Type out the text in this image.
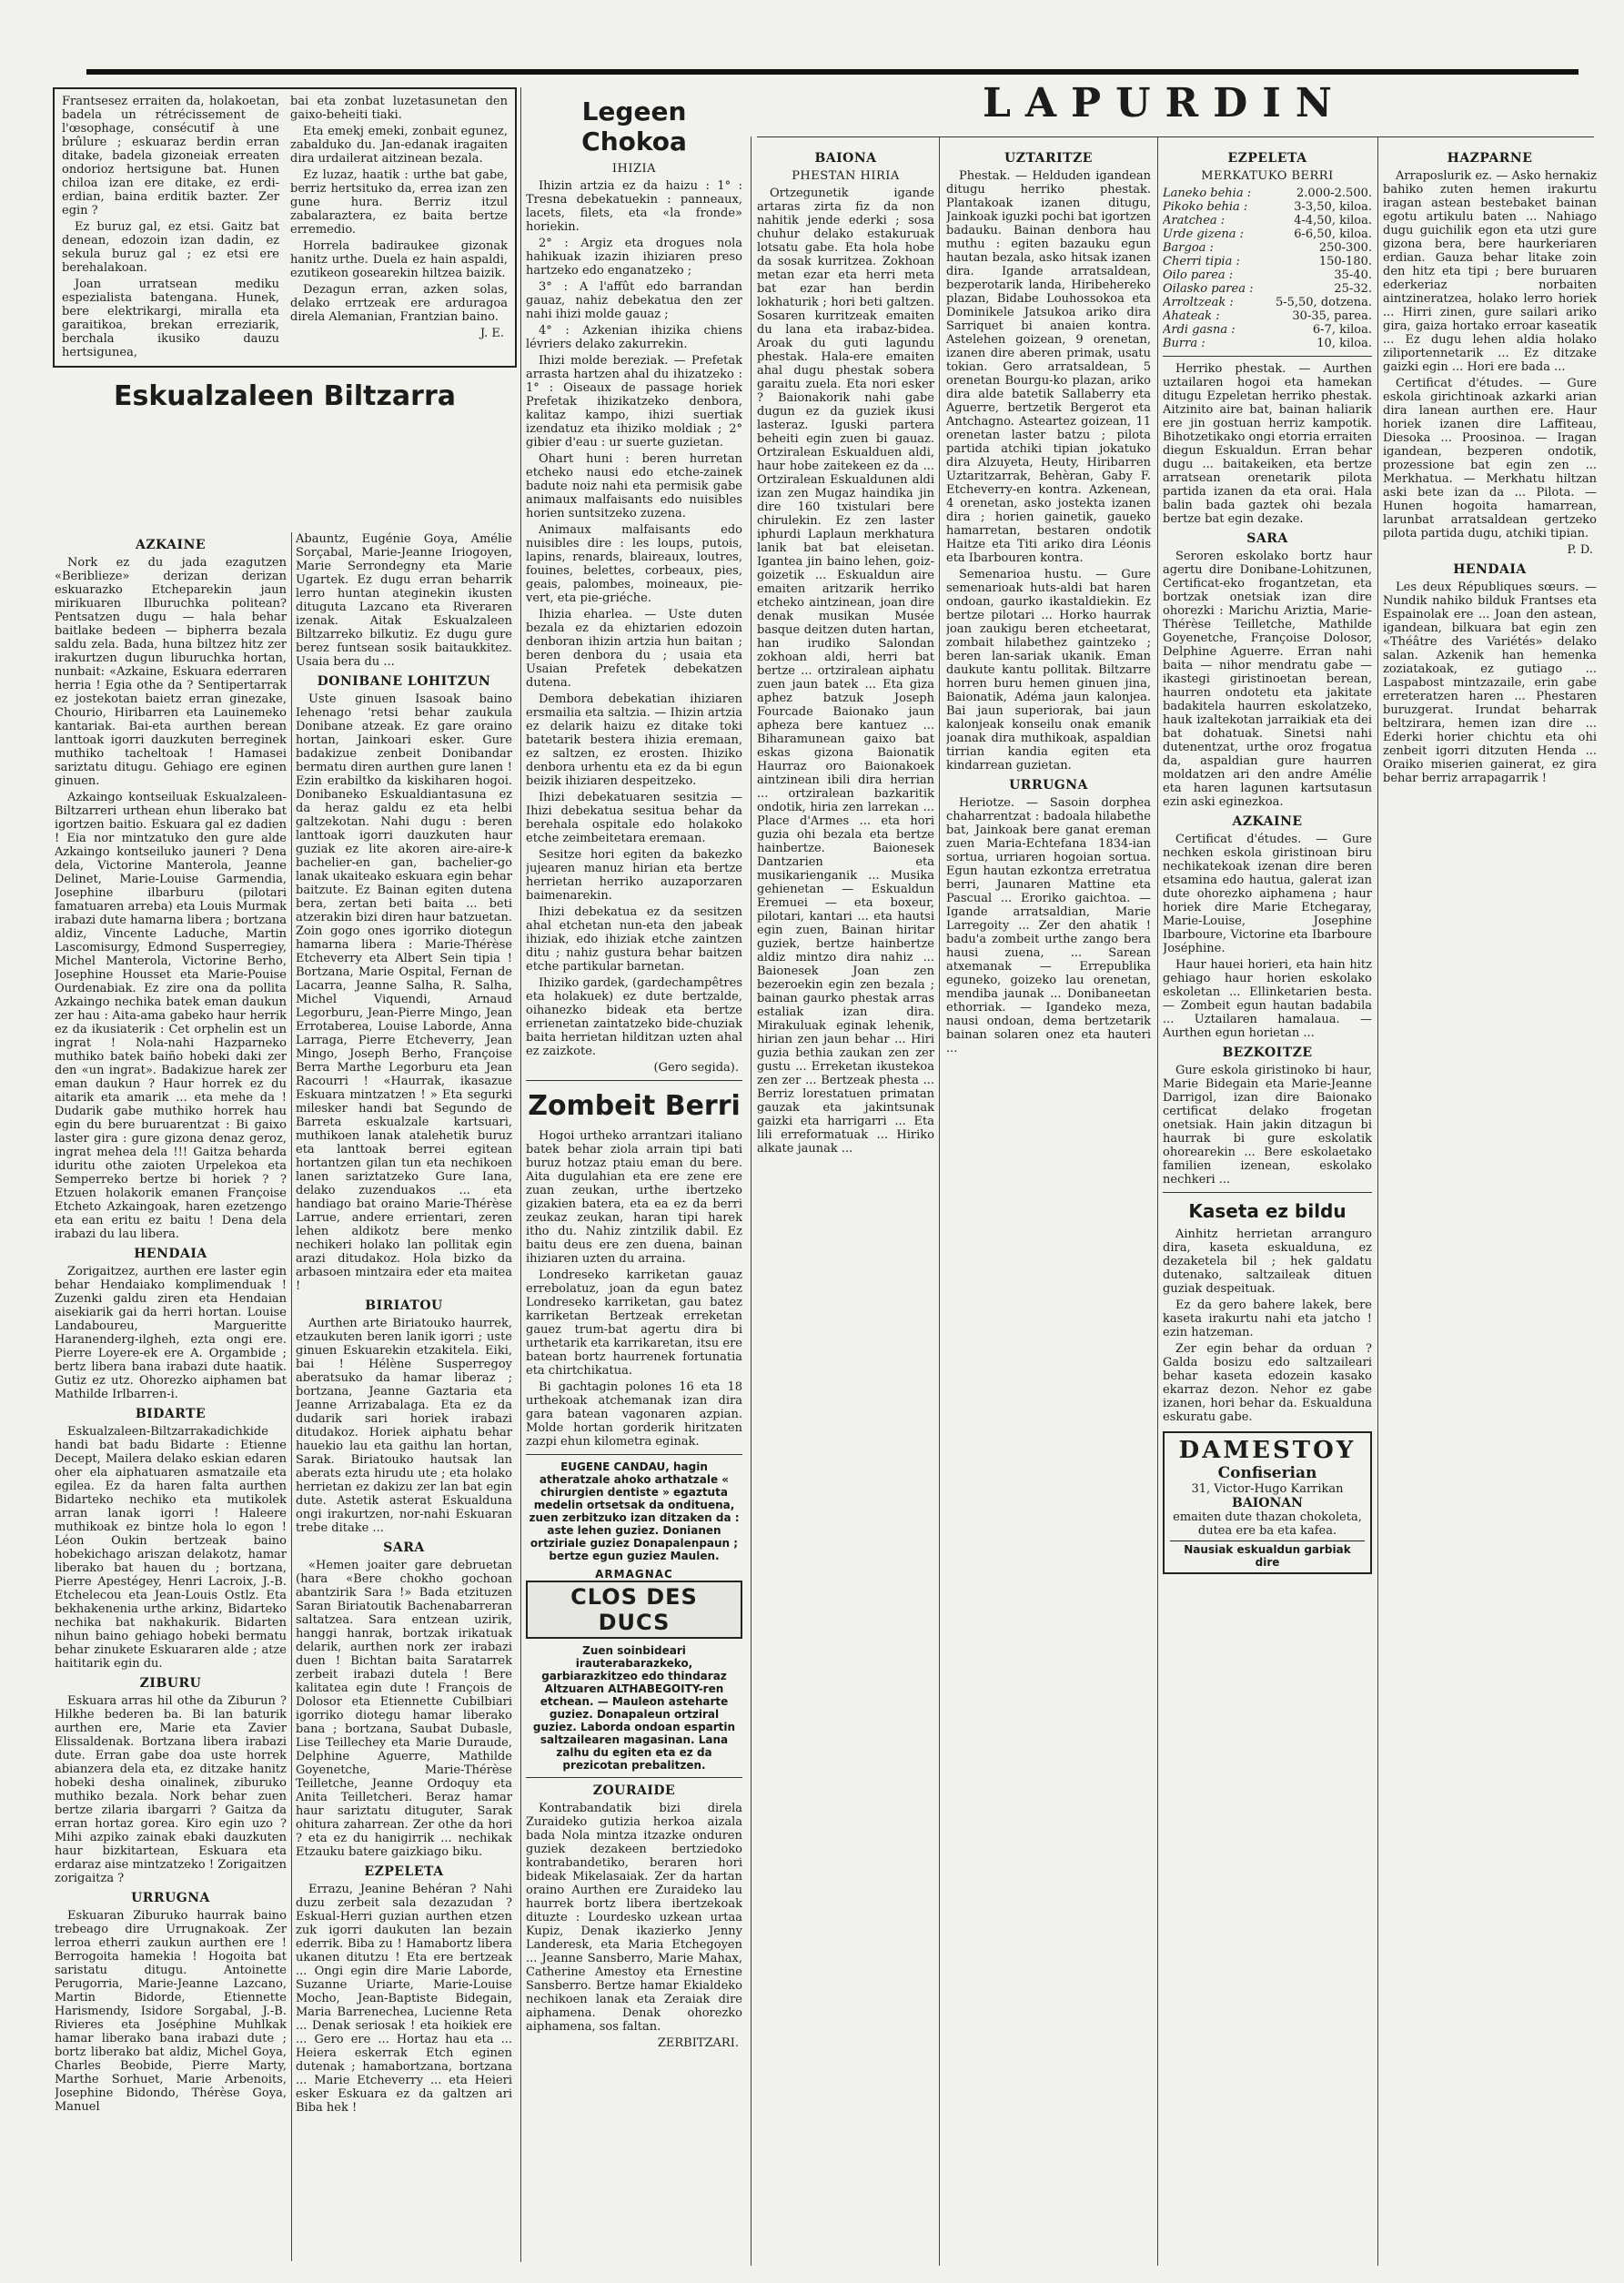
LAPURDIN

Frantsesez erraiten da, holakoetan, badela un rétrécissement de l'œsophage, consécutif à une brûlure ; eskuaraz berdin erran ditake, badela gizoneiak erreaten ondorioz hertsigune bat. Hunen chiloa izan ere ditake, ez erdi-erdian, baina erditik bazter. Zer egin ?

Ez buruz gal, ez etsi. Gaitz bat denean, edozoin izan dadin, ez sekula buruz gal ; ez etsi ere berehalakoan.

Joan urratsean mediku espezialista batengana. Hunek, bere elektrikargi, miralla eta garaitikoa, brekan erreziarik, berchala ikusiko dauzu hertsigunea,

bai eta zonbat luzetasunetan den gaixo-beheiti tiaki.

Eta emekj emeki, zonbait egunez, zabalduko du. Jan-edanak iragaiten dira urdailerat aitzinean bezala.

Ez luzaz, haatik : urthe bat gabe, berriz hertsituko da, errea izan zen gune hura. Berriz itzul zabalaraztera, ez baita bertze erremedio.

Horrela badiraukee gizonak hanitz urthe. Duela ez hain aspaldi, ezutikeon gosearekin hiltzea baizik.

Dezagun erran, azken solas, delako errtzeak ere arduragoa direla Alemanian, Frantzian baino.

J. E.
Eskualzaleen Biltzarra
AZKAINE

Nork ez du jada ezagutzen «Beriblieze» derizan derizan eskuarazko Etcheparekin jaun mirikuaren Ilburuchka politean? Pentsatzen dugu — hala behar baitlake bedeen — bipherra bezala saldu zela. Bada, huna biltzez hitz zer irakurtzen dugun liburuchka hortan, nunbait: «Azkaine, Eskuara ederraren herria ! Egia othe da ? Sentipertarrak ez jostekotan baietz erran ginezake, Chourio, Hiribarren eta Lauinemeko kantariak. Bai-eta aurthen berean lanttoak igorri dauzkuten berreginek muthiko tacheltoak ! Hamasei sariztatu ditugu. Gehiago ere eginen ginuen.

Azkaingo kontseiluak Eskualzaleen-Biltzarreri urthean ehun liberako bat igortzen baitio. Eskuara gal ez dadien ! Eia nor mintzatuko den gure alde Azkaingo kontseiluko jauneri ? Dena dela, Victorine Manterola, Jeanne Delinet, Marie-Louise Garmendia, Josephine ilbarburu (pilotari famatuaren arreba) eta Louis Murmak irabazi dute hamarna libera ; bortzana aldiz, Vincente Laduche, Martin Lascomisurgy, Edmond Susperregiey, Michel Manterola, Victorine Berho, Josephine Housset eta Marie-Pouise Ourdenabiak. Ez zire ona da pollita Azkaingo nechika batek eman daukun zer hau : Aita-ama gabeko haur herrik ez da ikusiaterik : Cet orphelin est un ingrat ! Nola-nahi Hazparneko muthiko batek baiño hobeki daki zer den «un ingrat». Badakizue harek zer eman daukun ? Haur horrek ez du aitarik eta amarik ... eta mehe da ! Dudarik gabe muthiko horrek hau egin du bere buruarentzat : Bi gaixo laster gira : gure gizona denaz geroz, ingrat mehea dela !!! Gaitza beharda iduritu othe zaioten Urpelekoa eta Semperreko bertze bi horiek ? ? Etzuen holakorik emanen Françoise Etcheto Azkaingoak, haren ezetzengo eta ean eritu ez baitu ! Dena dela irabazi du lau libera.

HENDAIA

Zorigaitzez, aurthen ere laster egin behar Hendaiako komplimenduak ! Zuzenki galdu ziren eta Hendaian aisekiarik gai da herri hortan. Louise Landaboureu, Margueritte Haranenderg-ilgheh, ezta ongi ere. Pierre Loyere-ek ere A. Orgambide ; bertz libera bana irabazi dute haatik. Gutiz ez utz. Ohorezko aiphamen bat Mathilde Irlbarren-i.

BIDARTE

Eskualzaleen-Biltzarrakadichkide handi bat badu Bidarte : Etienne Decept, Mailera delako eskian edaren oher ela aiphatuaren asmatzaile eta egilea. Ez da haren falta aurthen Bidarteko nechiko eta mutikolek arran lanak igorri ! Haleere muthikoak ez bintze hola lo egon ! Léon Oukin bertzeak baino hobekichago ariszan delakotz, hamar liberako bat hauen du ; bortzana, Pierre Apestégey, Henri Lacroix, J.-B. Etchelecou eta Jean-Louis Ostlz. Eta bekhakenenia urthe arkinz, Bidarteko nechika bat nakhakurik. Bidarten nihun baino gehiago hobeki bermatu behar zinukete Eskuararen alde ; atze haititarik egin du.

ZIBURU

Eskuara arras hil othe da Ziburun ? Hilkhe bederen ba. Bi lan baturik aurthen ere, Marie eta Zavier Elissaldenak. Bortzana libera irabazi dute. Erran gabe doa uste horrek abianzera dela eta, ez ditzake hanitz hobeki desha oinalinek, ziburuko muthiko bezala. Nork behar zuen bertze zilaria ibargarri ? Gaitza da erran hortaz gorea. Kiro egin uzo ? Mihi azpiko zainak ebaki dauzkuten haur bizkitartean, Eskuara eta erdaraz aise mintzatzeko ! Zorigaitzen zorigaitza ?

URRUGNA

Eskuaran Ziburuko haurrak baino trebeago dire Urrugnakoak. Zer lerroa etherri zaukun aurthen ere ! Berrogoita hamekia ! Hogoita bat saristatu ditugu. Antoinette Perugorria, Marie-Jeanne Lazcano, Martin Bidorde, Etiennette Harismendy, Isidore Sorgabal, J.-B. Rivieres eta Joséphine Muhlkak hamar liberako bana irabazi dute ; bortz liberako bat aldiz, Michel Goya, Charles Beobide, Pierre Marty, Marthe Sorhuet, Marie Arbenoits, Josephine Bidondo, Thérèse Goya, Manuel

Abauntz, Eugénie Goya, Amélie Sorçabal, Marie-Jeanne Iriogoyen, Marie Serrondegny eta Marie Ugartek. Ez dugu erran beharrik lerro huntan ateginekin ikusten dituguta Lazcano eta Riveraren izenak. Aitak Eskualzaleen Biltzarreko bilkutiz. Ez dugu gure berez funtsean sosik baitaukkitez. Usaia bera du ...

DONIBANE LOHITZUN

Uste ginuen Isasoak baino Iehenago 'retsi behar zaukula Donibane atzeak. Ez gare oraino hortan, Jainkoari esker. Gure badakizue zenbeit Donibandar bermatu diren aurthen gure lanen ! Ezin erabiltko da kiskiharen hogoi. Donibaneko Eskualdiantasuna ez da heraz galdu ez eta helbi galtzekotan. Nahi dugu : beren lanttoak igorri dauzkuten haur guziak ez lite akoren aire-aire-k bachelier-en gan, bachelier-go lanak ukaiteako eskuara egin behar baitzute. Ez Bainan egiten dutena bera, zertan beti baita ... beti atzerakin bizi diren haur batzuetan. Zoin gogo ones igorriko diotegun hamarna libera : Marie-Thérèse Etcheverry eta Albert Sein tipia ! Bortzana, Marie Ospital, Fernan de Lacarra, Jeanne Salha, R. Salha, Michel Viquendi, Arnaud Legorburu, Jean-Pierre Mingo, Jean Errotaberea, Louise Laborde, Anna Larraga, Pierre Etcheverry, Jean Mingo, Joseph Berho, Françoise Berra Marthe Legorburu eta Jean Racourri ! «Haurrak, ikasazue Eskuara mintzatzen ! » Eta segurki milesker handi bat Segundo de Barreta eskualzale kartsuari, muthikoen lanak atalehetik buruz eta lanttoak berrei egitean hortantzen gilan tun eta nechikoen lanen sariztatzeko Gure Iana, delako zuzenduakos ... eta handiago bat oraino Marie-Thérèse Larrue, andere errientari, zeren lehen aldikotz bere menko nechikeri holako lan pollitak egin arazi ditudakoz. Hola bizko da arbasoen mintzaira eder eta maitea !

BIRIATOU

Aurthen arte Biriatouko haurrek, etzaukuten beren lanik igorri ; uste ginuen Eskuarekin etzakitela. Eiki, bai ! Hélène Susperregoy aberatsuko da hamar liberaz ; bortzana, Jeanne Gaztaria eta Jeanne Arrizabalaga. Eta ez da dudarik sari horiek irabazi ditudakoz. Horiek aiphatu behar hauekio lau eta gaithu lan hortan, Sarak. Biriatouko hautsak lan aberats ezta hirudu ute ; eta holako herrietan ez dakizu zer lan bat egin dute. Astetik asterat Eskualduna ongi irakurtzen, nor-nahi Eskuaran trebe ditake ...

SARA

«Hemen joaiter gare debruetan (hara «Bere chokho gochoan abantzirik Sara !» Bada etzituzen Saran Biriatoutik Bachenabarreran saltatzea. Sara entzean uzirik, hanggi hanrak, bortzak irikatuak delarik, aurthen nork zer irabazi duen ! Bichtan baita Saratarrek zerbeit irabazi dutela ! Bere kalitatea egin dute ! François de Dolosor eta Etiennette Cubilbiari igorriko diotegu hamar liberako bana ; bortzana, Saubat Dubasle, Lise Teillechey eta Marie Duraude, Delphine Aguerre, Mathilde Goyenetche, Marie-Thérèse Teilletche, Jeanne Ordoquy eta Anita Teilletcheri. Beraz hamar haur sariztatu dituguter, Sarak ohitura zaharrean. Zer othe da hori ? eta ez du hanigirrik ... nechikak Etzauku batere gaizkiago biku.

EZPELETA

Errazu, Jeanine Behéran ? Nahi duzu zerbeit sala dezazudan ? Eskual-Herri guzian aurthen etzen zuk igorri daukuten lan bezain ederrik. Biba zu ! Hamabortz libera ukanen ditutzu ! Eta ere bertzeak ... Ongi egin dire Marie Laborde, Suzanne Uriarte, Marie-Louise Mocho, Jean-Baptiste Bidegain, Maria Barrenechea, Lucienne Reta ... Denak seriosak ! eta hoikiek ere ... Gero ere ... Hortaz hau eta ... Heiera eskerrak Etch eginen dutenak ; hamabortzana, bortzana ... Marie Etcheverry ... eta Heieri esker Eskuara ez da galtzen ari Biba hek !

Legeen Chokoa
IHIZIA

Ihizin artzia ez da haizu : 1° : Tresna debekatuekin : panneaux, lacets, filets, eta «la fronde» horiekin.

2° : Argiz eta drogues nola hahikuak izazin ihiziaren preso hartzeko edo enganatzeko ;

3° : A l'affût edo barrandan gauaz, nahiz debekatua den zer nahi ihizi molde gauaz ;

4° : Azkenian ihizika chiens lévriers delako zakurrekin.

Ihizi molde bereziak. — Prefetak arrasta hartzen ahal du ihizatzeko : 1° : Oiseaux de passage horiek Prefetak ihizikatzeko denbora, kalitaz kampo, ihizi suertiak izendatuz eta ihiziko moldiak ; 2° gibier d'eau : ur suerte guzietan.

Ohart huni : beren hurretan etcheko nausi edo etche-zainek badute noiz nahi eta permisik gabe animaux malfaisants edo nuisibles horien suntsitzeko zuzena.

Animaux malfaisants edo nuisibles dire : les loups, putois, lapins, renards, blaireaux, loutres, fouines, belettes, corbeaux, pies, geais, palombes, moineaux, pie-vert, eta pie-griéche.

Ihizia eharlea. — Uste duten bezala ez da ehiztarien edozoin denboran ihizin artzia hun baitan ; beren denbora du ; usaia eta Usaian Prefetek debekatzen dutena.

Dembora debekatian ihiziaren ersmailia eta saltzia. — Ihizin artzia ez delarik haizu ez ditake toki batetarik bestera ihizia eremaan, ez saltzen, ez erosten. Ihiziko denbora urhentu eta ez da bi egun beizik ihiziaren despeitzeko.

Ihizi debekatuaren sesitzia — Ihizi debekatua sesitua behar da berehala ospitale edo holakoko etche zeimbeitetara eremaan.

Sesitze hori egiten da bakezko jujearen manuz hirian eta bertze herrietan herriko auzaporzaren baimenarekin.

Ihizi debekatua ez da sesitzen ahal etchetan nun-eta den jabeak ihiziak, edo ihiziak etche zaintzen ditu ; nahiz gustura behar baitzen etche partikular barnetan.

Ihiziko gardek, (gardechampêtres eta holakuek) ez dute bertzalde, oihanezko bideak eta bertze errienetan zaintatzeko bide-chuziak baita herrietan hilditzan uzten ahal ez zaizkote.

(Gero segida).
Zombeit Berri

Hogoi urtheko arrantzari italiano batek behar ziola arrain tipi bati buruz hotzaz ptaiu eman du bere. Aita dugulahian eta ere zene ere zuan zeukan, urthe ibertzeko gizakien batera, eta ea ez da berri zeukaz zeukan, haran tipi harek itho du. Nahiz zintzilik dabil. Ez baitu deus ere zen duena, bainan ihiziaren uzten du arraina.

Londreseko karriketan gauaz errebolatuz, joan da egun batez Londreseko karriketan, gau batez karriketan Bertzeak erreketan gauez trum-bat agertu dira bi urthetarik eta karrikaretan, itsu ere batean bortz haurrenek fortunatia eta chirtchikatua.

Bi gachtagin polones 16 eta 18 urthekoak atchemanak izan dira gara batean vagonaren azpian. Molde hortan gorderik hiritzaten zazpi ehun kilometra eginak.

EUGENE CANDAU, hagin atheratzale ahoko arthatzale « chirurgien dentiste » egaztuta medelin ortsetsak da ondituena, zuen zerbitzuko izan ditzaken da : aste lehen guziez. Donianen ortziriale guziez Donapalenpaun ; bertze egun guziez Maulen.
ARMAGNAC
CLOS DES DUCS
Zuen soinbideari irauterabarazkeko, garbiarazkitzeo edo thindaraz Altzuaren ALTHABEGOITY-ren etchean. — Mauleon asteharte guziez. Donapaleun ortziral guziez. Laborda ondoan espartin saltzailearen magasinan. Lana zalhu du egiten eta ez da prezicotan prebalitzen.
ZOURAIDE

Kontrabandatik bizi direla Zuraideko gutizia herkoa aizala bada Nola mintza itzazke onduren guziek dezakeen bertziedoko kontrabandetiko, beraren hori bideak Mikelasaiak. Zer da hartan oraino Aurthen ere Zuraideko lau haurrek bortz libera ibertzekoak dituzte : Lourdesko uzkean urtaa Kupiz, Denak ikazierko Jenny Landeresk, eta Maria Etchegoyen ... Jeanne Sansberro, Marie Mahax, Catherine Amestoy eta Ernestine Sansberro. Bertze hamar Ekialdeko nechikoen lanak eta Zeraiak dire aiphamena. Denak ohorezko aiphamena, sos faltan.

ZERBITZARI.
BAIONA
PHESTAN HIRIA

Ortzegunetik igande artaras zirta fiz da non nahitik jende ederki ; sosa chuhur delako estakuruak lotsatu gabe. Eta hola hobe da sosak kurritzea. Zokhoan metan ezar eta herri meta bat ezar han berdin lokhaturik ; hori beti galtzen. Sosaren kurritzeak emaiten du lana eta irabaz-bidea. Aroak du guti lagundu phestak. Hala-ere emaiten ahal dugu phestak sobera garaitu zuela. Eta nori esker ? Baionakorik nahi gabe dugun ez da guziek ikusi lasteraz. Iguski partera beheiti egin zuen bi gauaz. Ortziralean Eskualduen aldi, haur hobe zaitekeen ez da ... Ortziralean Eskualdunen aldi izan zen Mugaz haindika jin dire 160 txistulari bere chirulekin. Ez zen laster iphurdi Laplaun merkhatura lanik bat bat eleisetan. Igantea jin baino lehen, goiz-goizetik ... Eskualdun aire emaiten aritzarik herriko etcheko aintzinean, joan dire denak musikan Musée basque deitzen duten hartan, han irudiko Salondan zokhoan aldi, herri bat bertze ... ortziralean aiphatu zuen jaun batek ... Eta giza aphez batzuk Joseph Fourcade Baionako jaun apheza bere kantuez ... Biharamunean gaixo bat eskas gizona Baionatik Haurraz oro Baionakoek aintzinean ibili dira herrian ... ortziralean bazkaritik ondotik, hiria zen larrekan ... Place d'Armes ... eta hori guzia ohi bezala eta bertze hainbertze. Baionesek Dantzarien eta musikarienganik ... Musika gehienetan — Eskualdun Eremuei — eta boxeur, pilotari, kantari ... eta hautsi egin zuen, Bainan hiritar guziek, bertze hainbertze aldiz mintzo dira nahiz ... Baionesek Joan zen bezeroekin egin zen bezala ; bainan gaurko phestak arras estaliak izan dira. Mirakuluak eginak lehenik, hirian zen jaun behar ... Hiri guzia bethia zaukan zen zer gustu ... Erreketan ikustekoa zen zer ... Bertzeak phesta ... Berriz lorestatuen primatan gauzak eta jakintsunak gaizki eta harrigarri ... Eta lili erreformatuak ... Hiriko alkate jaunak ...

UZTARITZE

Phestak. — Helduden igandean ditugu herriko phestak. Plantakoak izanen ditugu, Jainkoak iguzki pochi bat igortzen badauku. Bainan denbora hau muthu : egiten bazauku egun hautan bezala, asko hitsak izanen dira. Igande arratsaldean, bezperotarik landa, Hiribehereko plazan, Bidabe Louhossokoa eta Dominikele Jatsukoa ariko dira Sarriquet bi anaien kontra. Astelehen goizean, 9 orenetan, izanen dire aberen primak, usatu tokian. Gero arratsaldean, 5 orenetan Bourgu-ko plazan, ariko dira alde batetik Sallaberry eta Aguerre, bertzetik Bergerot eta Antchagno. Asteartez goizean, 11 orenetan laster batzu ; pilota partida atchiki tipian jokatuko dira Alzuyeta, Heuty, Hiribarren Uztaritzarrak, Behèran, Gaby F. Etcheverry-en kontra. Azkenean, 4 orenetan, asko jostekta izanen dira ; horien gainetik, gaueko hamarretan, bestaren ondotik Haitze eta Titi ariko dira Léonis eta Ibarbouren kontra.

Semenarioa hustu. — Gure semenarioak huts-aldi bat haren ondoan, gaurko ikastaldiekin. Ez bertze pilotari ... Horko haurrak joan zaukigu beren etcheetarat, zombait hilabethez gaintzeko ; beren lan-sariak ukanik. Eman daukute kantu pollitak. Biltzarre horren buru hemen ginuen jina, Baionatik, Adéma jaun kalonjea. Bai jaun superiorak, bai jaun kalonjeak konseilu onak emanik joanak dira muthikoak, aspaldian tirrian kandia egiten eta kindarrean guzietan.

URRUGNA

Heriotze. — Sasoin dorphea chaharrentzat : badoala hilabethe bat, Jainkoak bere ganat ereman zuen Maria-Echtefana 1834-ian sortua, urriaren hogoian sortua. Egun hautan ezkontza erretratua berri, Jaunaren Mattine eta Pascual ... Eroriko gaichtoa. — Igande arratsaldian, Marie Larregoity ... Zer den ahatik ! badu'a zombeit urthe zango bera hausi zuena, ... Sarean atxemanak — Errepublika eguneko, goizeko lau orenetan, mendiba jaunak ... Donibaneetan ethorriak. — Igandeko meza, nausi ondoan, dema bertzetarik bainan solaren onez eta hauteri ...

EZPELETA
MERKATUKO BERRI
Laneko behia :	2.000-2.500.
Pikoko behia :	3-3,50, kiloa.
Aratchea :	4-4,50, kiloa.
Urde gizena :	6-6,50, kiloa.
Bargoa :	250-300.
Cherri tipia :	150-180.
Oilo parea :	35-40.
Oilasko parea :	25-32.
Arroltzeak :	5-5,50, dotzena.
Ahateak :	30-35, parea.
Ardi gasna :	6-7, kiloa.
Burra :	10, kiloa.

Herriko phestak. — Aurthen uztailaren hogoi eta hamekan ditugu Ezpeletan herriko phestak. Aitzinito aire bat, bainan haliarik ere jin gostuan herriz kampotik. Bihotzetikako ongi etorria erraiten diegun Eskualdun. Erran behar dugu ... baitakeiken, eta bertze arratsean orenetarik pilota partida izanen da eta orai. Hala balin bada gaztek ohi bezala bertze bat egin dezake.

SARA

Seroren eskolako bortz haur agertu dire Donibane-Lohitzunen, Certificat-eko frogantzetan, eta bortzak onetsiak izan dire ohorezki : Marichu Ariztia, Marie-Thérèse Teilletche, Mathilde Goyenetche, Françoise Dolosor, Delphine Aguerre. Erran nahi baita — nihor mendratu gabe — ikastegi giristinoetan berean, haurren ondotetu eta jakitate badakitela haurren eskolatzeko, hauk izaltekotan jarraikiak eta dei bat dohatuak. Sinetsi nahi dutenentzat, urthe oroz frogatua da, aspaldian gure haurren moldatzen ari den andre Amélie eta haren lagunen kartsutasun ezin aski eginezkoa.

AZKAINE

Certificat d'études. — Gure nechken eskola giristinoan biru nechikatekoak izenan dire beren etsamina edo hautua, galerat izan dute ohorezko aiphamena ; haur horiek dire Marie Etchegaray, Marie-Louise, Josephine Ibarboure, Victorine eta Ibarboure Joséphine.

Haur hauei horieri, eta hain hitz gehiago haur horien eskolako eskoletan ... Ellinketarien besta. — Zombeit egun hautan badabila ... Uztailaren hamalaua. — Aurthen egun horietan ...

BEZKOITZE

Gure eskola giristinoko bi haur, Marie Bidegain eta Marie-Jeanne Darrigol, izan dire Baionako certificat delako frogetan onetsiak. Hain jakin ditzagun bi haurrak bi gure eskolatik ohorearekin ... Bere eskolaetako familien izenean, eskolako nechkeri ...

Kaseta ez bildu

Ainhitz herrietan arranguro dira, kaseta eskualduna, ez dezaketela bil ; hek galdatu dutenako, saltzaileak dituen guziak despeituak.

Ez da gero bahere lakek, bere kaseta irakurtu nahi eta jatcho ! ezin hatzeman.

Zer egin behar da orduan ? Galda bosizu edo saltzaileari behar kaseta edozein kasako ekarraz dezon. Nehor ez gabe izanen, hori behar da. Eskualduna eskuratu gabe.

DAMESTOY
Confiserian
31, Victor-Hugo Karrikan
BAIONAN
emaiten dute thazan chokoleta, dutea ere ba eta kafea.
Nausiak eskualdun garbiak dire
HAZPARNE

Arraposlurik ez. — Asko hernakiz bahiko zuten hemen irakurtu iragan astean bestebaket bainan egotu artikulu baten ... Nahiago dugu guichilik egon eta utzi gure gizona bera, bere haurkeriaren erdian. Gauza behar litake zoin den hitz eta tipi ; bere buruaren ederkeriaz norbaiten aintzineratzea, holako lerro horiek ... Hirri zinen, gure sailari ariko gira, gaiza hortako erroar kaseatik ... Ez dugu lehen aldia holako ziliportennetarik ... Ez ditzake gaizki egin ... Hori ere bada ...

Certificat d'études. — Gure eskola girichtinoak azkarki arian dira lanean aurthen ere. Haur horiek izanen dire Laffiteau, Diesoka ... Proosinoa. — Iragan igandean, bezperen ondotik, prozessione bat egin zen ... Merkhatua. — Merkhatu hiltzan aski bete izan da ... Pilota. — Hunen hogoita hamarrean, larunbat arratsaldean gertzeko pilota partida dugu, atchiki tipian.

P. D.
HENDAIA

Les deux Républiques sœurs. — Nundik nahiko bilduk Frantses eta Espainolak ere ... Joan den astean, igandean, bilkuara bat egin zen «Théâtre des Variétés» delako salan. Azkenik han hemenka zoziatakoak, ez gutiago ... Laspabost mintzazaile, erin gabe erreteratzen haren ... Phestaren buruzgerat. Irundat beharrak beltzirara, hemen izan dire ... Ederki horier chichtu eta ohi zenbeit igorri ditzuten Henda ... Oraiko miserien gainerat, ez gira behar berriz arrapagarrik !
